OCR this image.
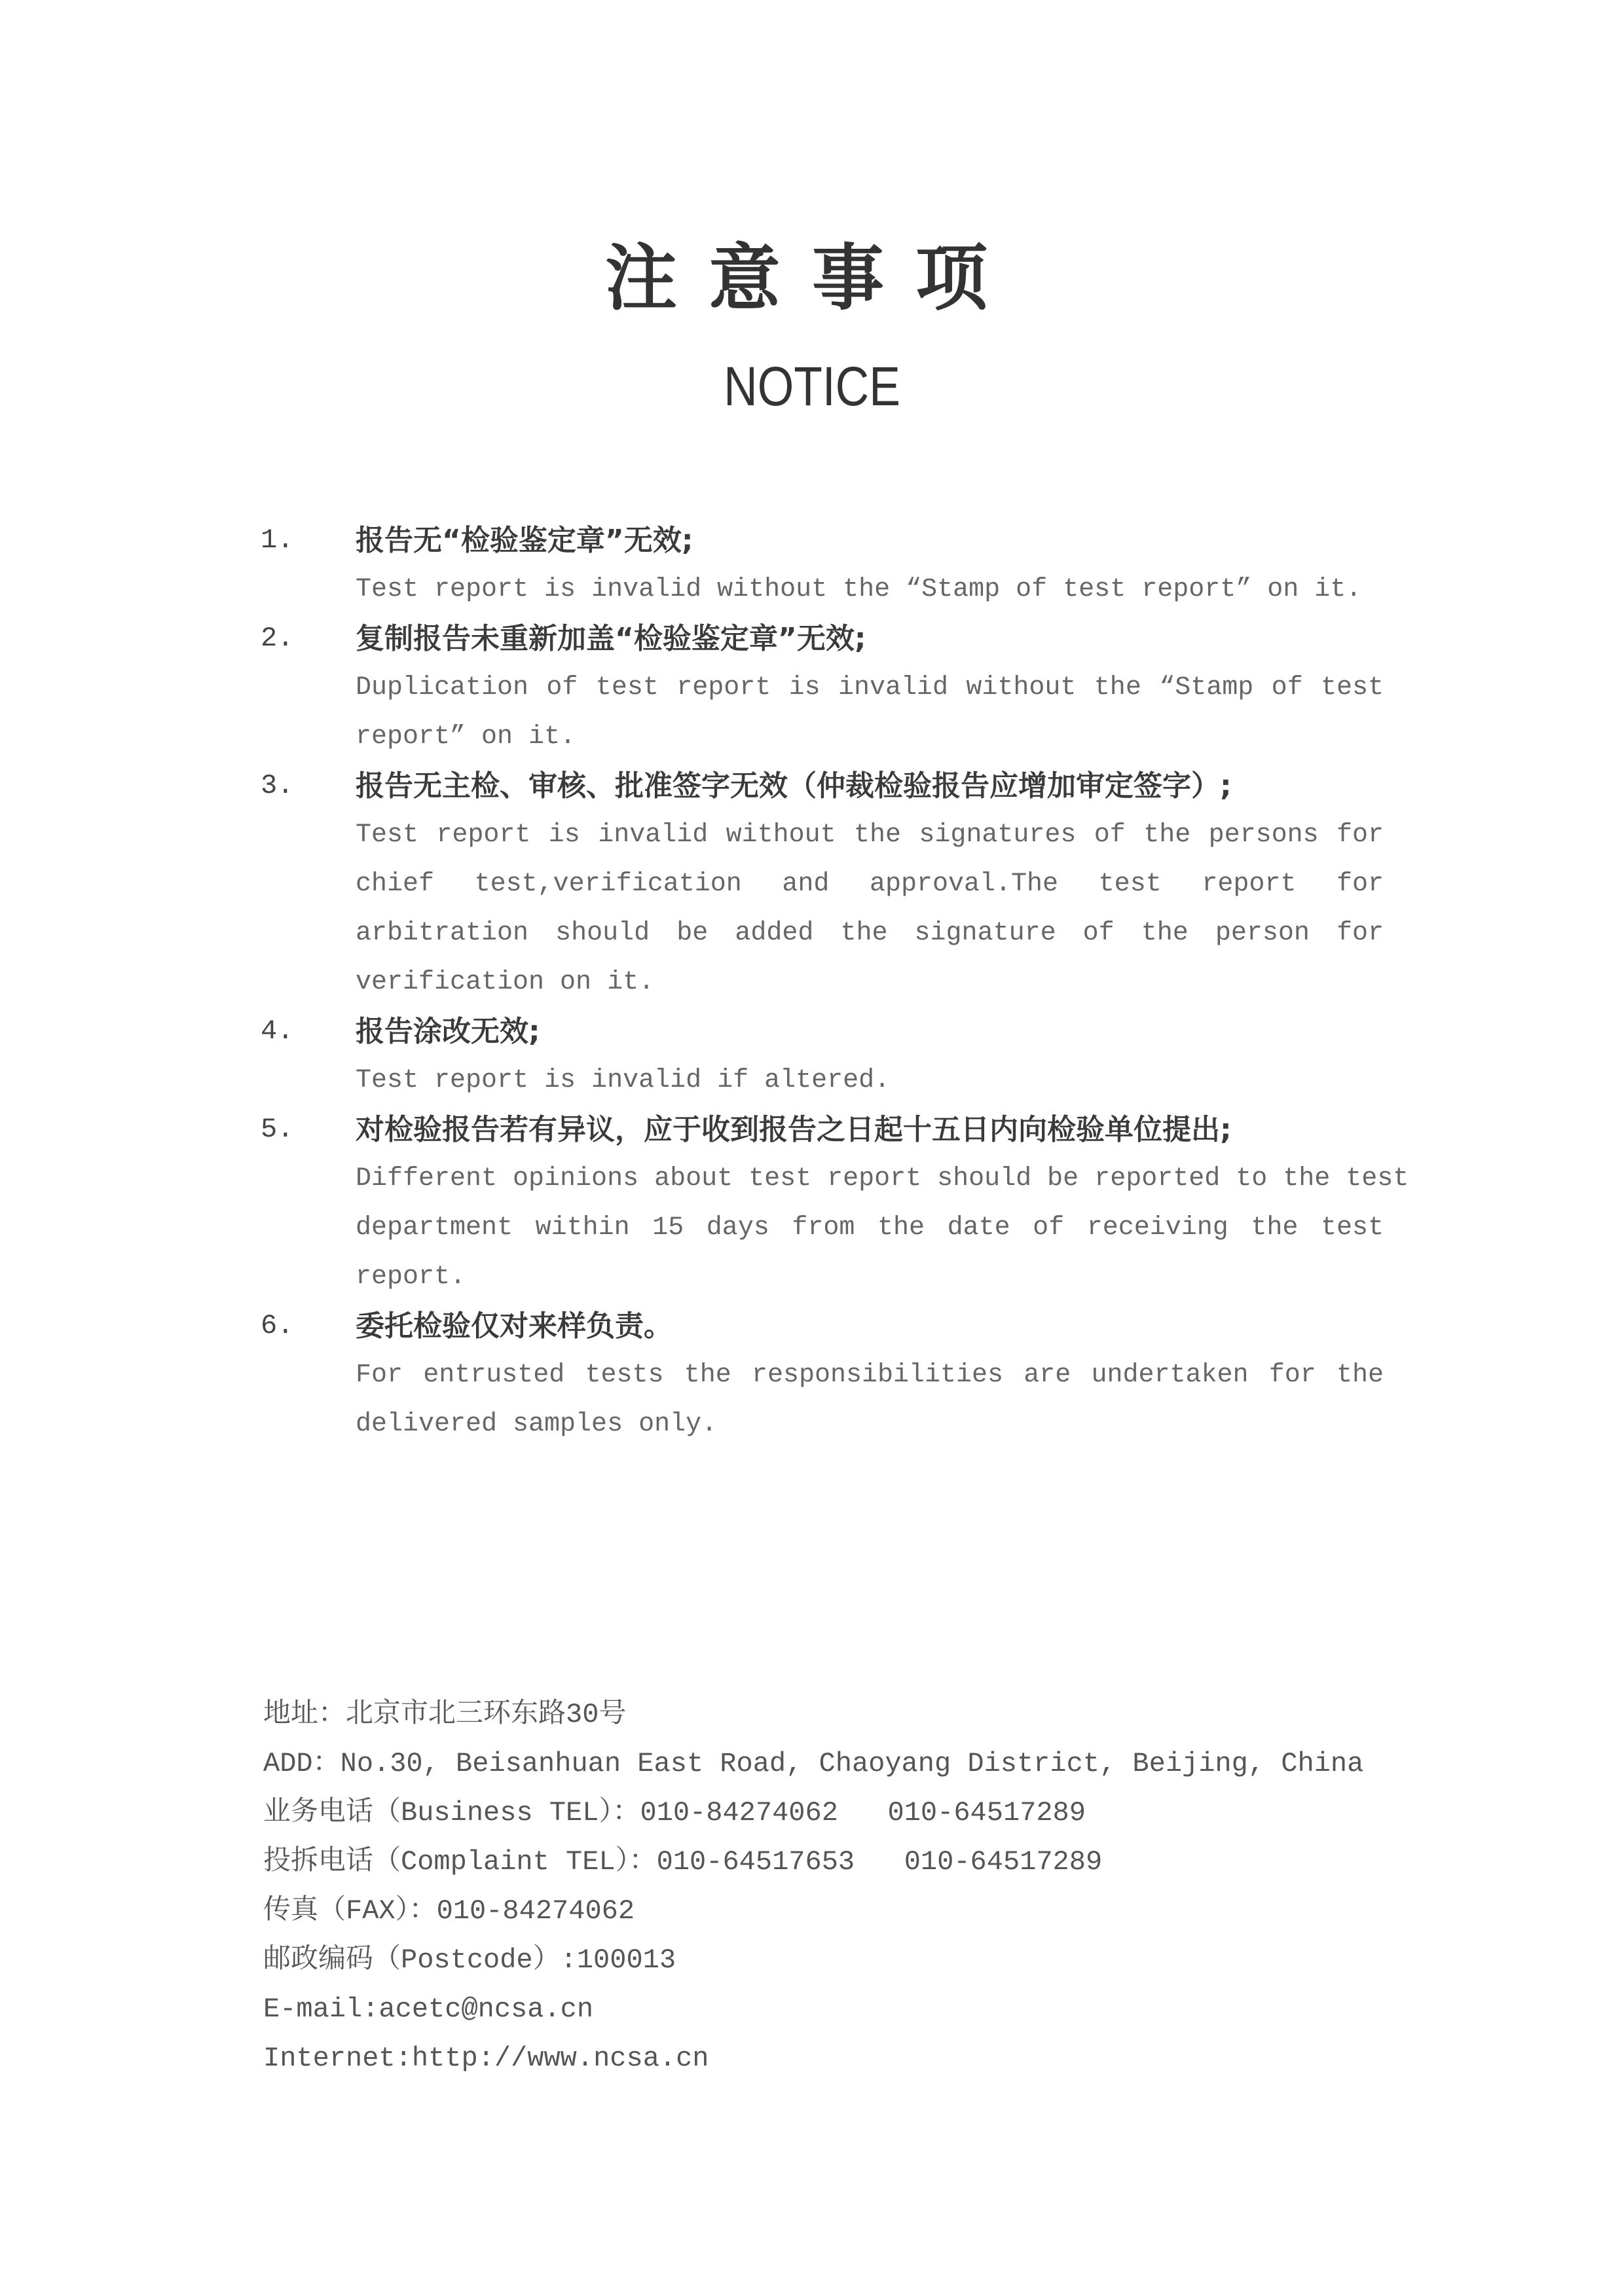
注意事项
NOTICE
1. 报告无“检验鉴定章”无效;
Test report is invalid without the “Stamp of test report” on it.
2. 复制报告未重新加盖“检验鉴定章”无效;
Duplication of test report is invalid without the “Stamp of test
report” on it.
3. 报告无主检、审核、批准签字无效（仲裁检验报告应增加审定签字）;
Test report is invalid without the signatures of the persons for
chief test,verification and approval.The test report for
arbitration should be added the signature of the person for
verification on it.
4. 报告涂改无效;
Test report is invalid if altered.
5. 对检验报告若有异议，应于收到报告之日起十五日内向检验单位提出;
Different opinions about test report should be reported to the test
department within 15 days from the date of receiving the test
report.
6. 委托检验仅对来样负责。
For entrusted tests the responsibilities are undertaken for the
delivered samples only.
地址：北京市北三环东路30号
ADD：No.30, Beisanhuan East Road, Chaoyang District, Beijing, China
业务电话（Business TEL）：010-84274062   010-64517289
投拆电话（Complaint TEL）：010-64517653   010-64517289
传真（FAX）：010-84274062
邮政编码（Postcode）:100013
E-mail:acetc@ncsa.cn
Internet:http://www.ncsa.cn
